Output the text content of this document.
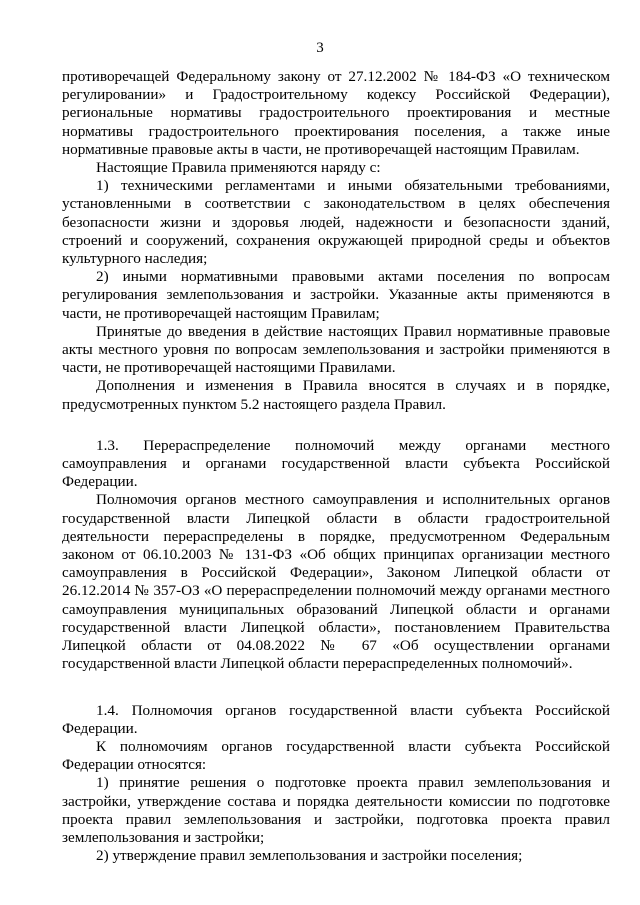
3

противоречащей Федеральному закону от 27.12.2002 № 184-ФЗ «О техническом регулировании» и Градостроительному кодексу Российской Федерации), региональные нормативы градостроительного проектирования и местные нормативы градостроительного проектирования поселения, а также иные нормативные правовые акты в части, не противоречащей настоящим Правилам.

Настоящие Правила применяются наряду с:

1) техническими регламентами и иными обязательными требованиями, установленными в соответствии с законодательством в целях обеспечения безопасности жизни и здоровья людей, надежности и безопасности зданий, строений и сооружений, сохранения окружающей природной среды и объектов культурного наследия;

2) иными нормативными правовыми актами поселения по вопросам регулирования землепользования и застройки. Указанные акты применяются в части, не противоречащей настоящим Правилам;

Принятые до введения в действие настоящих Правил нормативные правовые акты местного уровня по вопросам землепользования и застройки применяются в части, не противоречащей настоящими Правилами.

Дополнения и изменения в Правила вносятся в случаях и в порядке, предусмотренных пунктом 5.2 настоящего раздела Правил.

1.3. Перераспределение полномочий между органами местного самоуправления и органами государственной власти субъекта Российской Федерации.

Полномочия органов местного самоуправления и исполнительных органов государственной власти Липецкой области в области градостроительной деятельности перераспределены в порядке, предусмотренном Федеральным законом от 06.10.2003 № 131-ФЗ «Об общих принципах организации местного самоуправления в Российской Федерации», Законом Липецкой области от 26.12.2014 № 357-ОЗ «О перераспределении полномочий между органами местного самоуправления муниципальных образований Липецкой области и органами государственной власти Липецкой области», постановлением Правительства Липецкой области от 04.08.2022 № 67 «Об осуществлении органами государственной власти Липецкой области перераспределенных полномочий».

1.4. Полномочия органов государственной власти субъекта Российской Федерации.

К полномочиям органов государственной власти субъекта Российской Федерации относятся:

1) принятие решения о подготовке проекта правил землепользования и застройки, утверждение состава и порядка деятельности комиссии по подготовке проекта правил землепользования и застройки, подготовка проекта правил землепользования и застройки;

2) утверждение правил землепользования и застройки поселения;
